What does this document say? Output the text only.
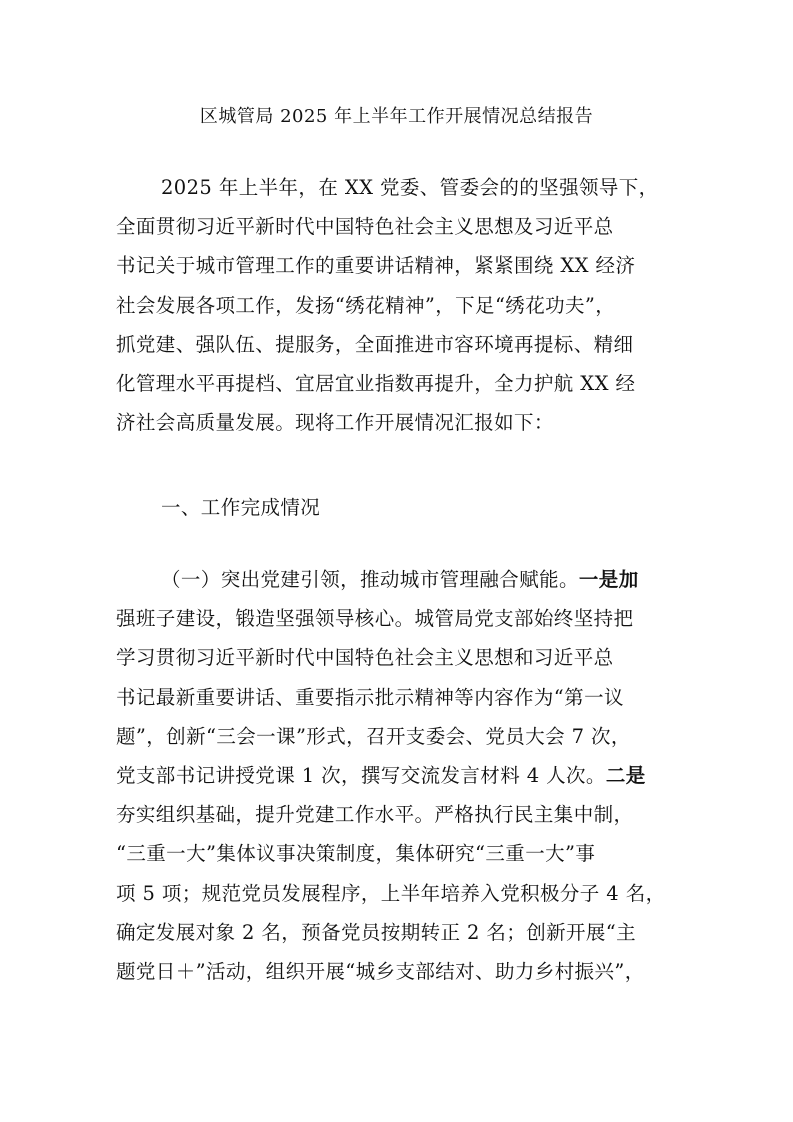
区城管局 2025 年上半年工作开展情况总结报告
2025 年上半年，在 XX 党委、管委会的的坚强领导下，
全面贯彻习近平新时代中国特色社会主义思想及习近平总
书记关于城市管理工作的重要讲话精神，紧紧围绕 XX 经济
社会发展各项工作，发扬“绣花精神”，下足“绣花功夫”，
抓党建、强队伍、提服务，全面推进市容环境再提标、精细
化管理水平再提档、宜居宜业指数再提升，全力护航 XX 经
济社会高质量发展。现将工作开展情况汇报如下：
一、工作完成情况
（一）突出党建引领，推动城市管理融合赋能。一是加
强班子建设，锻造坚强领导核心。城管局党支部始终坚持把
学习贯彻习近平新时代中国特色社会主义思想和习近平总
书记最新重要讲话、重要指示批示精神等内容作为“第一议
题”，创新“三会一课”形式，召开支委会、党员大会 7 次，
党支部书记讲授党课 1 次，撰写交流发言材料 4 人次。二是
夯实组织基础，提升党建工作水平。严格执行民主集中制，
“三重一大”集体议事决策制度，集体研究“三重一大”事
项 5 项；规范党员发展程序，上半年培养入党积极分子 4 名，
确定发展对象 2 名，预备党员按期转正 2 名；创新开展“主
题党日＋”活动，组织开展“城乡支部结对、助力乡村振兴”，
